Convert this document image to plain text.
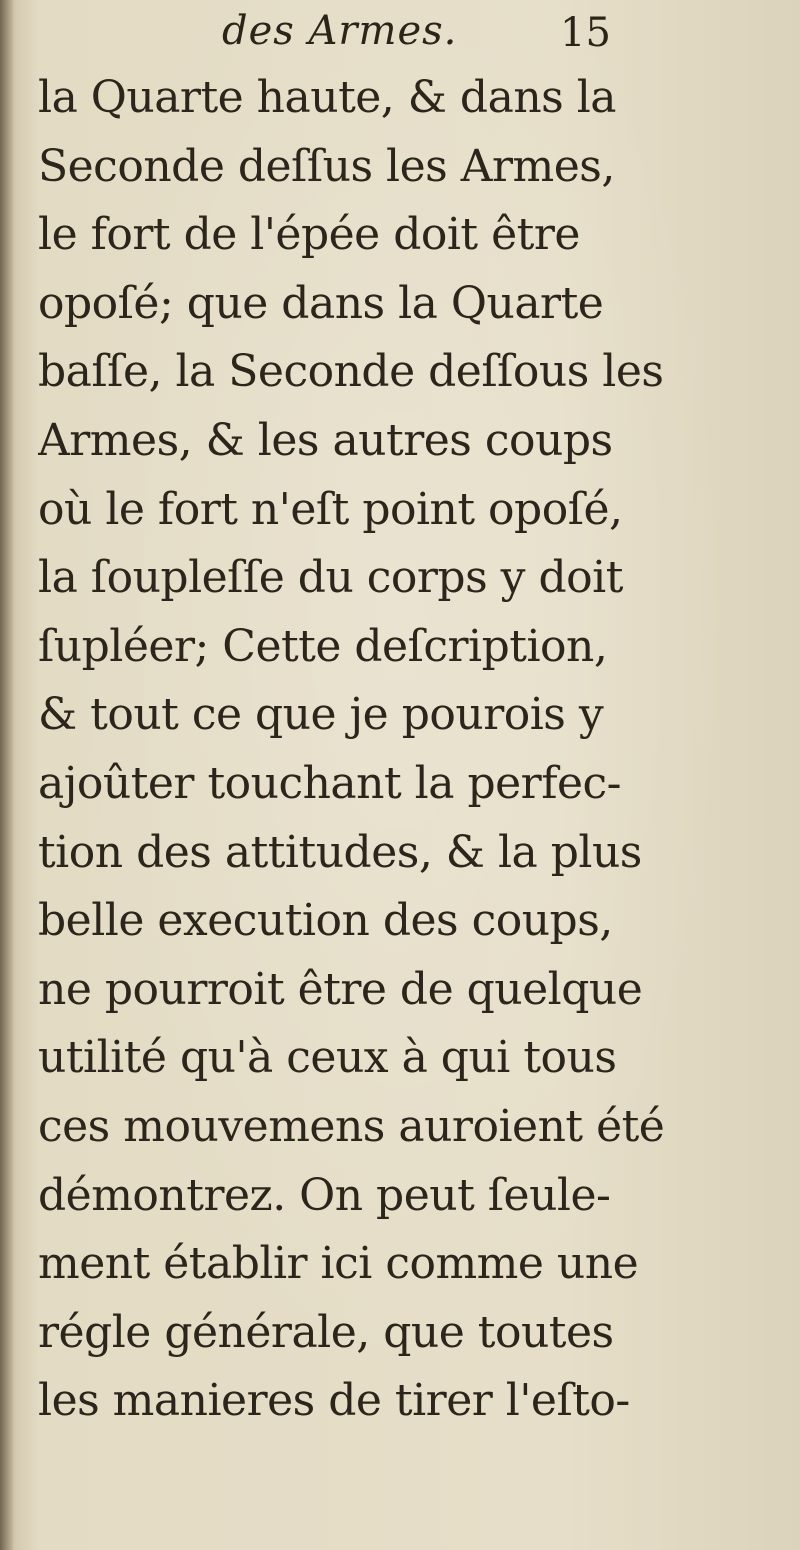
des Armes.	15
la Quarte haute, & dans la
Seconde deſſus les Armes,
le fort de l'épée doit être
opoſé; que dans la Quarte
baſſe, la Seconde deſſous les
Armes, & les autres coups
où le fort n'eſt point opoſé,
la ſoupleſſe du corps y doit
ſupléer; Cette deſcription,
& tout ce que je pourois y
ajoûter touchant la perfec-
tion des attitudes, & la plus
belle execution des coups,
ne pourroit être de quelque
utilité qu'à ceux à qui tous
ces mouvemens auroient été
démontrez. On peut ſeule-
ment établir ici comme une
régle générale, que toutes
les manieres de tirer l'eſto-
